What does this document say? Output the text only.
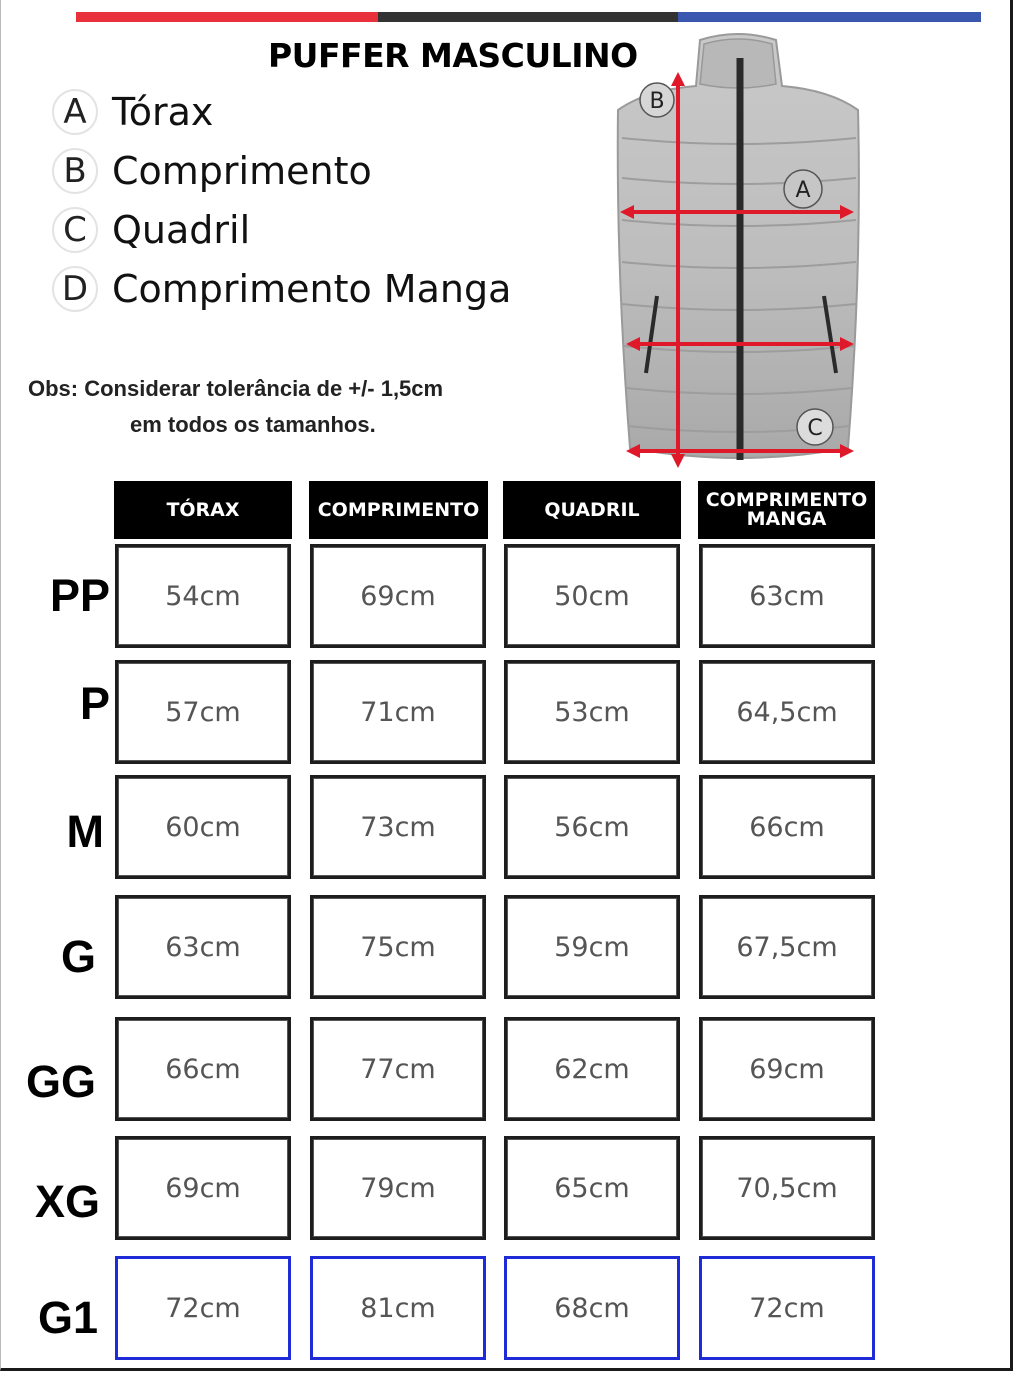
PUFFER MASCULINO
A Tórax
B Comprimento
C Quadril
D Comprimento Manga
Obs: Considerar tolerância de +/- 1,5cm
em todos os tamanhos.
B
A
C
TÓRAX	COMPRIMENTO	QUADRIL	COMPRIMENTO MANGA
PP	54cm	69cm	50cm	63cm
P	57cm	71cm	53cm	64,5cm
M	60cm	73cm	56cm	66cm
G	63cm	75cm	59cm	67,5cm
GG	66cm	77cm	62cm	69cm
XG	69cm	79cm	65cm	70,5cm
G1	72cm	81cm	68cm	72cm
